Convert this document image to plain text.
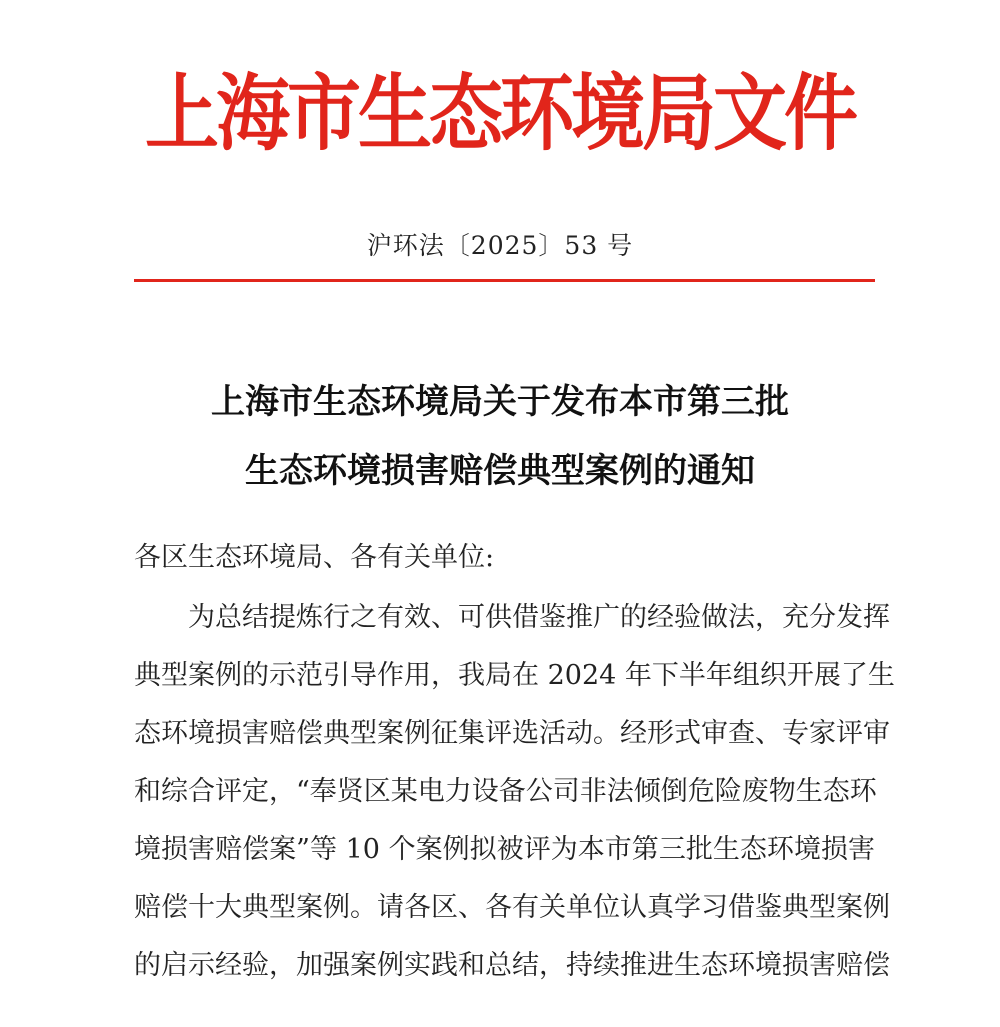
上海市生态环境局文件
沪环法〔2025〕53 号
上海市生态环境局关于发布本市第三批
生态环境损害赔偿典型案例的通知
各区生态环境局、各有关单位:
为总结提炼行之有效、可供借鉴推广的经验做法，充分发挥
典型案例的示范引导作用，我局在 2024 年下半年组织开展了生
态环境损害赔偿典型案例征集评选活动。经形式审查、专家评审
和综合评定，“奉贤区某电力设备公司非法倾倒危险废物生态环
境损害赔偿案”等 10 个案例拟被评为本市第三批生态环境损害
赔偿十大典型案例。请各区、各有关单位认真学习借鉴典型案例
的启示经验，加强案例实践和总结，持续推进生态环境损害赔偿
